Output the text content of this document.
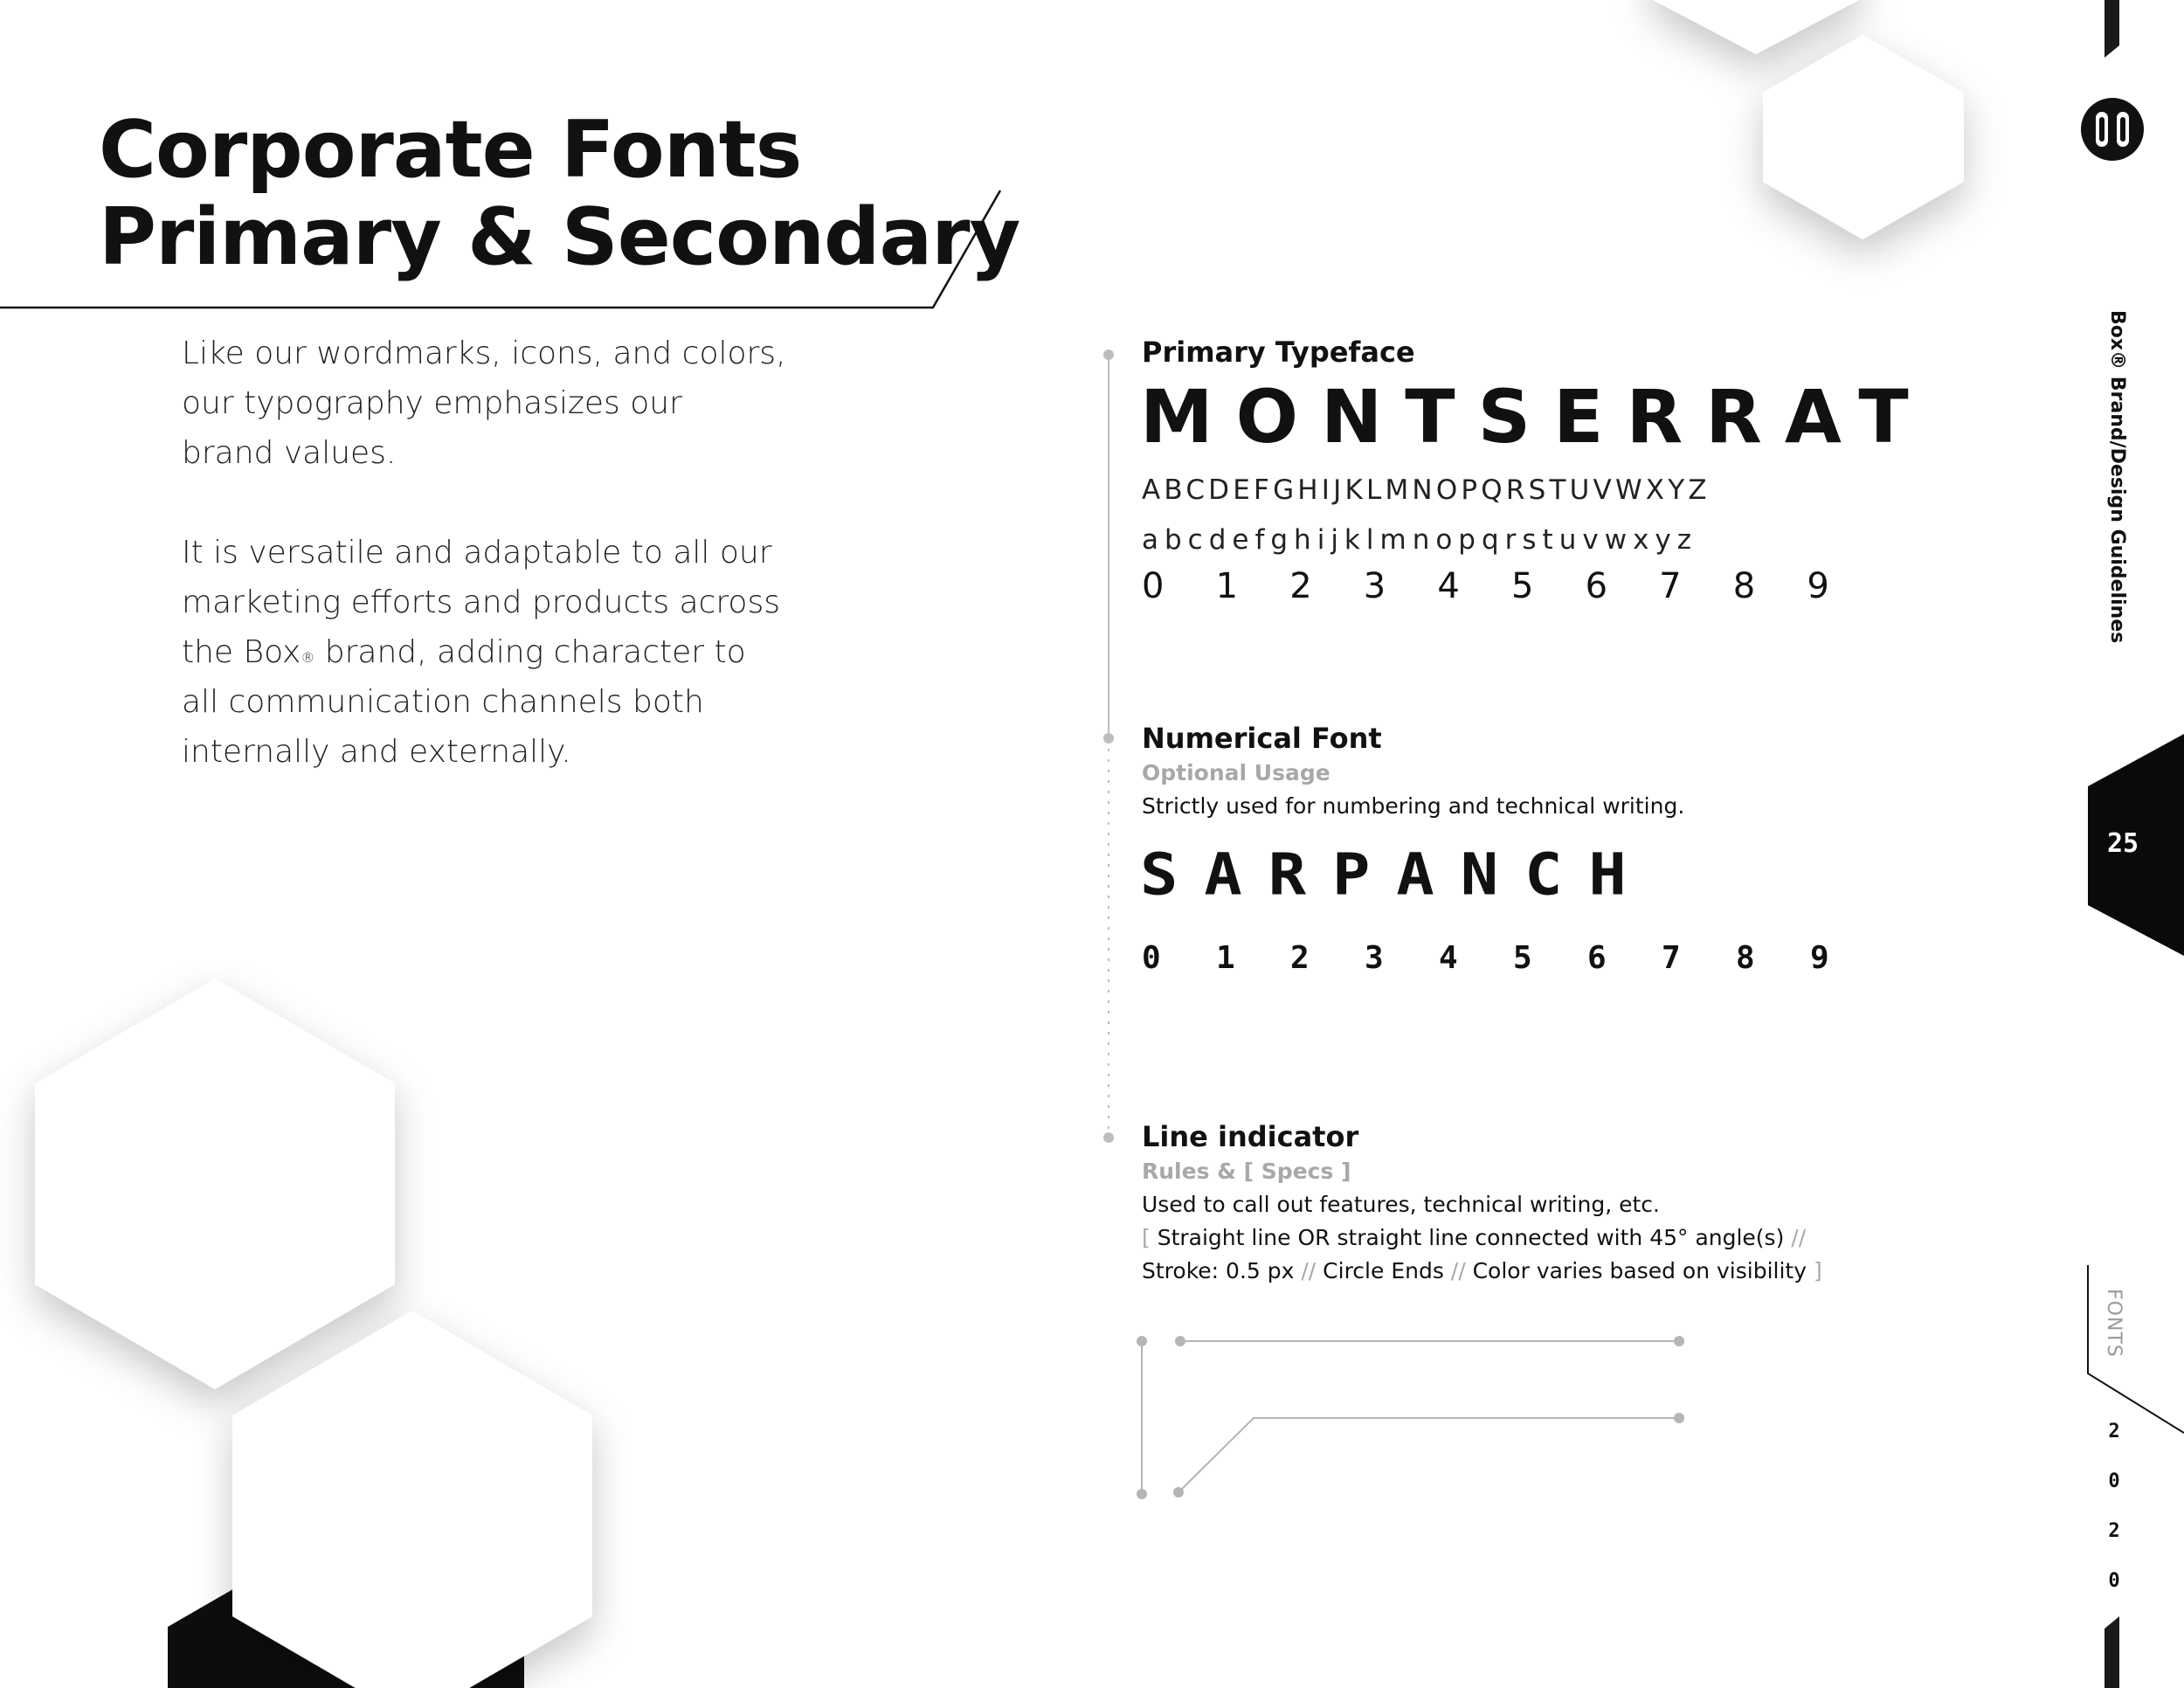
Corporate Fonts
Primary & Secondary

Like our wordmarks, icons, and colors,
our typography emphasizes our
brand values.

It is versatile and adaptable to all our
marketing efforts and products across
the Box® brand, adding character to
all communication channels both
internally and externally.

Primary Typeface
MONTSERRAT
ABCDEFGHIJKLMNOPQRSTUVWXYZ
abcdefghijklmnopqrstuvwxyz
0	1	2	3	4	5	6	7	8	9
Numerical Font
Optional Usage
Strictly used for numbering and technical writing.
SARPANCH
0	1	2	3	4	5	6	7	8	9
Line indicator
Rules & [ Specs ]
Used to call out features, technical writing, etc.
[ Straight line OR straight line connected with 45° angle(s) //
Stroke: 0.5 px // Circle Ends // Color varies based on visibility ]
Box® Brand/Design Guidelines
25
FONTS
2
0
2
0
